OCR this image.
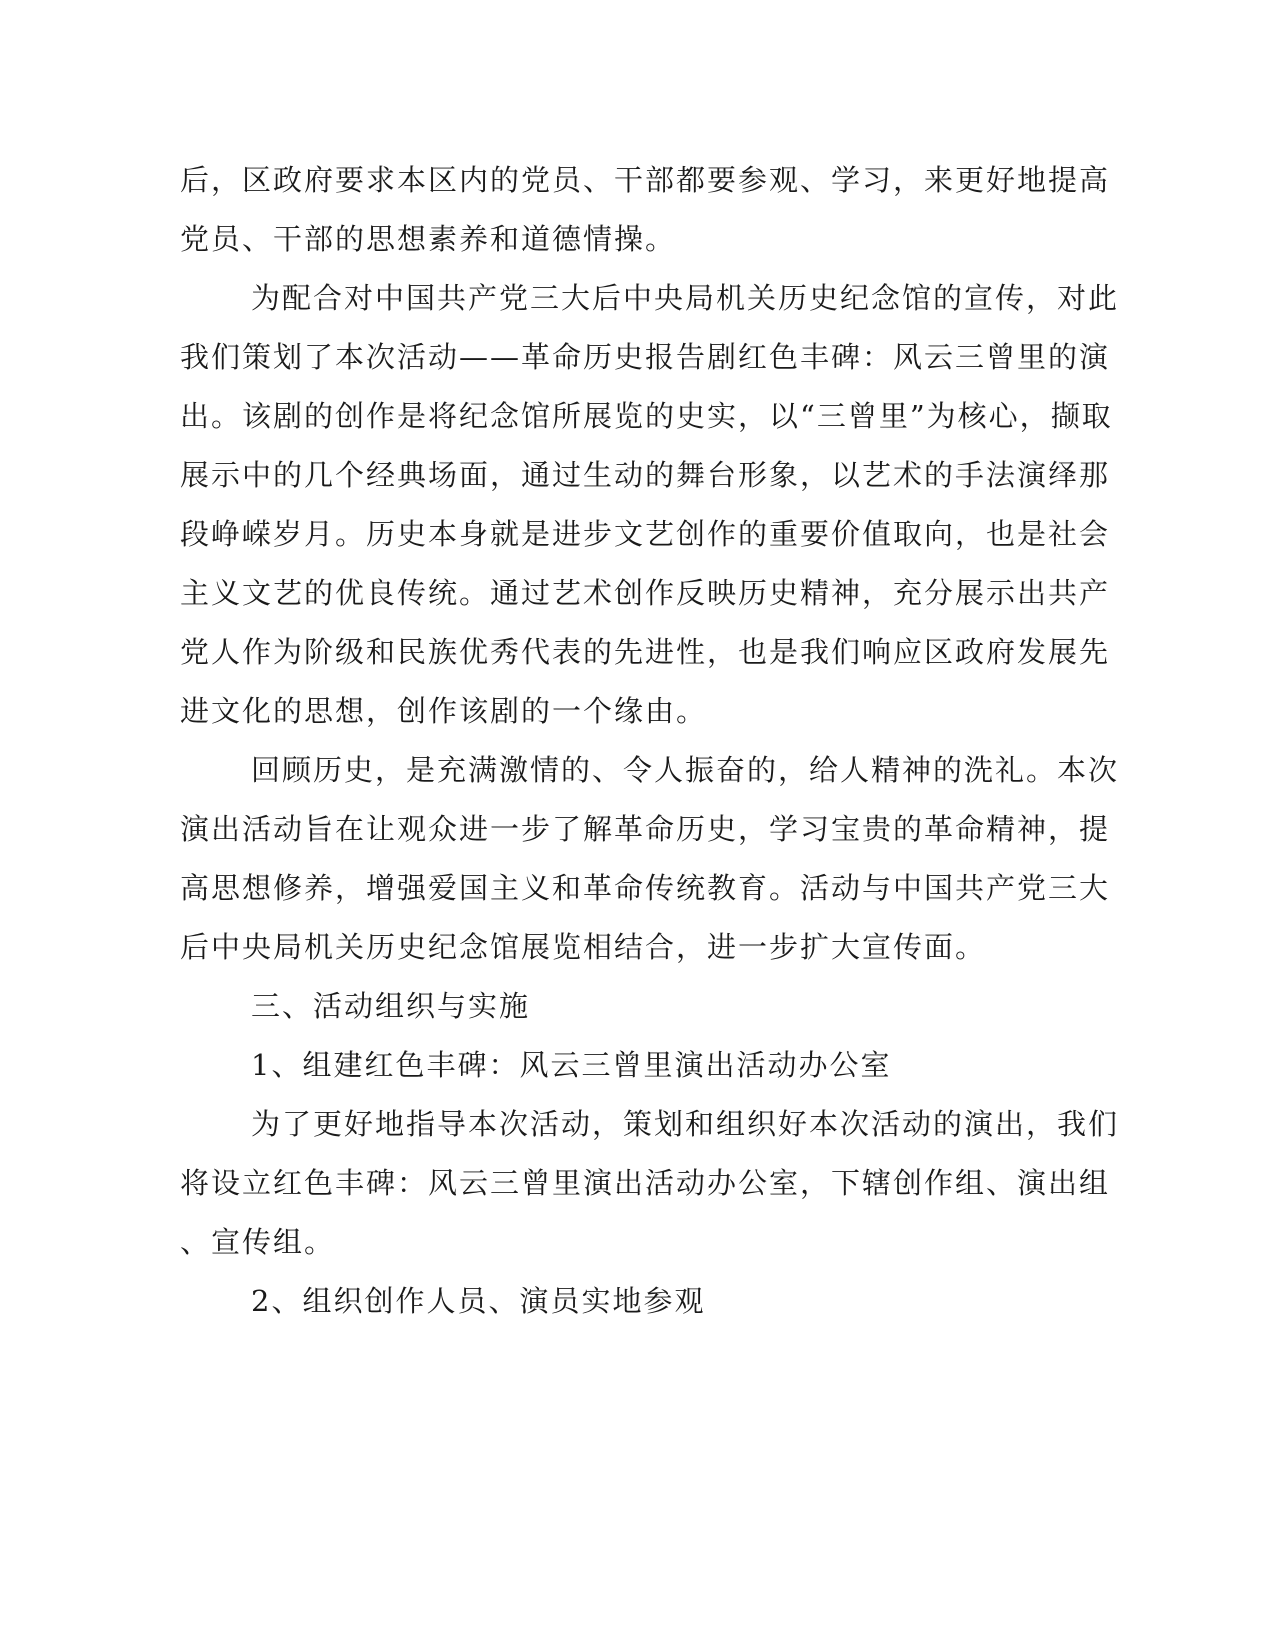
后，区政府要求本区内的党员、干部都要参观、学习，来更好地提高
党员、干部的思想素养和道德情操。
为配合对中国共产党三大后中央局机关历史纪念馆的宣传，对此
我们策划了本次活动——革命历史报告剧红色丰碑：风云三曾里的演
出。该剧的创作是将纪念馆所展览的史实，以“三曾里”为核心，撷取
展示中的几个经典场面，通过生动的舞台形象，以艺术的手法演绎那
段峥嵘岁月。历史本身就是进步文艺创作的重要价值取向，也是社会
主义文艺的优良传统。通过艺术创作反映历史精神，充分展示出共产
党人作为阶级和民族优秀代表的先进性，也是我们响应区政府发展先
进文化的思想，创作该剧的一个缘由。
回顾历史，是充满激情的、令人振奋的，给人精神的洗礼。本次
演出活动旨在让观众进一步了解革命历史，学习宝贵的革命精神，提
高思想修养，增强爱国主义和革命传统教育。活动与中国共产党三大
后中央局机关历史纪念馆展览相结合，进一步扩大宣传面。
三、活动组织与实施
1、组建红色丰碑：风云三曾里演出活动办公室
为了更好地指导本次活动，策划和组织好本次活动的演出，我们
将设立红色丰碑：风云三曾里演出活动办公室，下辖创作组、演出组
、宣传组。
2、组织创作人员、演员实地参观
